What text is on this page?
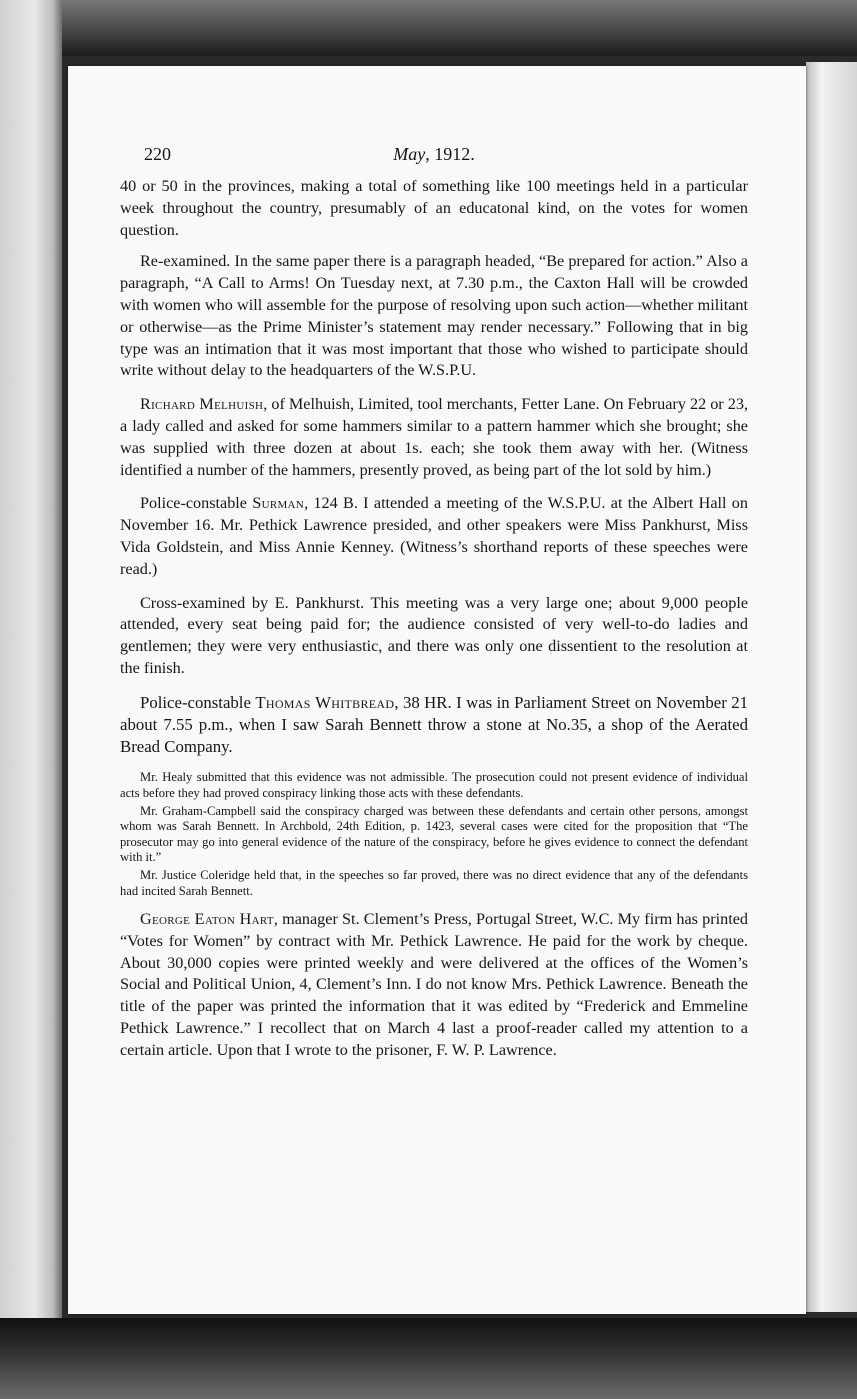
220	May, 1912.

40 or 50 in the provinces, making a total of something like 100 meetings held in a particular week throughout the country, presumably of an educatonal kind, on the votes for women question.

Re-examined. In the same paper there is a paragraph headed, “Be prepared for action.” Also a paragraph, “A Call to Arms! On Tuesday next, at 7.30 p.m., the Caxton Hall will be crowded with women who will assemble for the purpose of resolving upon such action—whether militant or otherwise—as the Prime Minister’s statement may render necessary.” Following that in big type was an intimation that it was most important that those who wished to participate should write without delay to the headquarters of the W.S.P.U.

Richard Melhuish, of Melhuish, Limited, tool merchants, Fetter Lane. On February 22 or 23, a lady called and asked for some hammers similar to a pattern hammer which she brought; she was supplied with three dozen at about 1s. each; she took them away with her. (Witness identified a number of the hammers, presently proved, as being part of the lot sold by him.)

Police-constable Surman, 124 B. I attended a meeting of the W.S.P.U. at the Albert Hall on November 16. Mr. Pethick Lawrence presided, and other speakers were Miss Pankhurst, Miss Vida Goldstein, and Miss Annie Kenney. (Witness’s shorthand reports of these speeches were read.)

Cross-examined by E. Pankhurst. This meeting was a very large one; about 9,000 people attended, every seat being paid for; the audience consisted of very well-to-do ladies and gentlemen; they were very enthusiastic, and there was only one dissentient to the resolution at the finish.

Police-constable Thomas Whitbread, 38 HR. I was in Parliament Street on November 21 about 7.55 p.m., when I saw Sarah Bennett throw a stone at No.35, a shop of the Aerated Bread Company.

Mr. Healy submitted that this evidence was not admissible. The prosecution could not present evidence of individual acts before they had proved conspiracy linking those acts with these defendants.

Mr. Graham-Campbell said the conspiracy charged was between these defendants and certain other persons, amongst whom was Sarah Bennett. In Archbold, 24th Edition, p. 1423, several cases were cited for the proposition that “The prosecutor may go into general evidence of the nature of the conspiracy, before he gives evidence to connect the defendant with it.”

Mr. Justice Coleridge held that, in the speeches so far proved, there was no direct evidence that any of the defendants had incited Sarah Bennett.

George Eaton Hart, manager St. Clement’s Press, Portugal Street, W.C. My firm has printed “Votes for Women” by contract with Mr. Pethick Lawrence. He paid for the work by cheque. About 30,000 copies were printed weekly and were delivered at the offices of the Women’s Social and Political Union, 4, Clement’s Inn. I do not know Mrs. Pethick Lawrence. Beneath the title of the paper was printed the information that it was edited by “Frederick and Emmeline Pethick Lawrence.” I recollect that on March 4 last a proof-reader called my attention to a certain article. Upon that I wrote to the prisoner, F. W. P. Lawrence.
